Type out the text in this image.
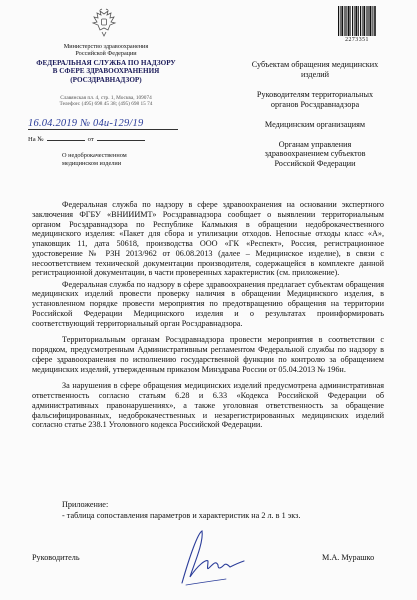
Министерство здравоохранения Российской Федерации
ФЕДЕРАЛЬНАЯ СЛУЖБА ПО НАДЗОРУ
В СФЕРЕ ЗДРАВООХРАНЕНИЯ
(РОСЗДРАВНАДЗОР)
Славянская пл. 4, стр. 1, Москва, 109074
Телефон: (495) 698 45 38; (495) 698 15 74
16.04.2019 № 04и-129/19
На №	от
О недоброкачественном медицинском изделии
2273351
Субъектам обращения медицинских изделий
Руководителям территориальных органов Росздравнадзора
Медицинским организациям
Органам управления здравоохранением субъектов Российской Федерации

Федеральная служба по надзору в сфере здравоохранения на основании экспертного заключения ФГБУ «ВНИИИМТ» Росздравнадзора сообщает о выявлении территориальным органом Росздравнадзора по Республике Калмыкия в обращении недоброкачественного медицинского изделия: «Пакет для сбора и утилизации отходов. Непосные отходы класс «А», упаковщик 11, дата 50618, производства ООО «ГК «Респект», Россия, регистрационное удостоверение № РЗН 2013/962 от 06.08.2013 (далее – Медицинское изделие), в связи с несоответствием технической документации производителя, содержащейся в комплекте данной регистрационной документации, в части проверенных характеристик (см. приложение).

Федеральная служба по надзору в сфере здравоохранения предлагает субъектам обращения медицинских изделий провести проверку наличия в обращении Медицинского изделия, в установленном порядке провести мероприятия по предотвращению обращения на территории Российской Федерации Медицинского изделия и о результатах проинформировать соответствующий территориальный орган Росздравнадзора.

Территориальным органам Росздравнадзора провести мероприятия в соответствии с порядком, предусмотренным Административным регламентом Федеральной службы по надзору в сфере здравоохранения по исполнению государственной функции по контролю за обращением медицинских изделий, утвержденным приказом Минздрава России от 05.04.2013 № 196н.

За нарушения в сфере обращения медицинских изделий предусмотрена административная ответственность согласно статьям 6.28 и 6.33 «Кодекса Российской Федерации об административных правонарушениях», а также уголовная ответственность за обращение фальсифицированных, недоброкачественных и незарегистрированных медицинских изделий согласно статье 238.1 Уголовного кодекса Российской Федерации.

Приложение:
- таблица сопоставления параметров и характеристик на 2 л. в 1 экз.
Руководитель	М.А. Мурашко
